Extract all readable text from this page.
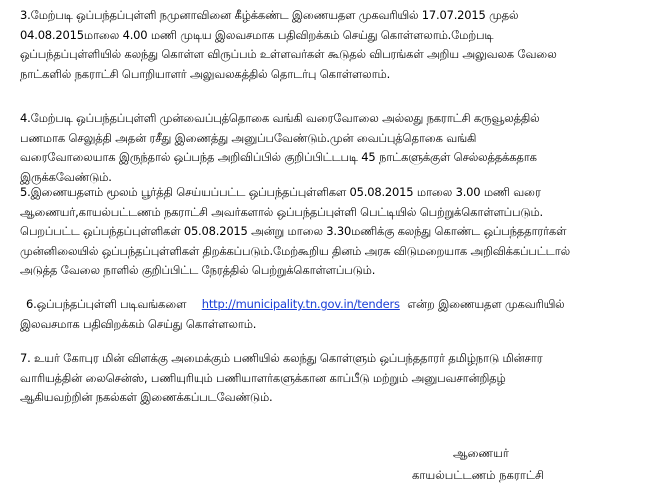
3.மேற்படி ஒப்பந்தப்புள்ளி நமுனாவினை கீழ்க்கண்ட இணையதள முகவரியில் 17.07.2015 முதல்
04.08.2015மாலை 4.00 மணி முடிய இலவசமாக பதிவிறக்கம் செய்து கொள்ளலாம்.மேற்படி
ஒப்பந்தப்புள்ளியில் கலந்து கொள்ள விருப்பம் உள்ளவர்கள் கூடுதல் விபரங்கள் அறிய அலுவலக வேலை
நாட்களில் நகராட்சி பொறியாளர் அலுவலகத்தில் தொடர்பு கொள்ளலாம்.
4.மேற்படி ஒப்பந்தப்புள்ளி முன்வைப்புத்தொகை வங்கி வரைவோலை அல்லது நகராட்சி கருவூலத்தில்
பணமாக செலுத்தி அதன் ரசீது இணைத்து அனுப்பவேண்டும்.முன் வைப்புத்தொகை வங்கி
வரைவோலையாக இருந்தால் ஒப்பந்த அறிவிப்பில் குறிப்பிட்டபடி 45 நாட்களுக்குள் செல்லத்தக்கதாக
இருக்கவேண்டும்.
5.இணையதளம் மூலம் பூர்த்தி செய்யப்பட்ட ஒப்பந்தப்புள்ளிகள 05.08.2015 மாலை 3.00 மணி வரை
ஆணையர்,காயல்பட்டணம் நகராட்சி அவர்களால் ஒப்பந்தப்புள்ளி பெட்டியில் பெற்றுக்கொள்ளப்படும்.
பெறப்பட்ட ஒப்பந்தப்புள்ளிகள் 05.08.2015 அன்று மாலை 3.30மணிக்கு கலந்து கொண்ட ஒப்பந்ததாரர்கள்
முன்னிலையில் ஒப்பந்தப்புள்ளிகள் திறக்கப்படும்.மேற்கூறிய தினம் அரசு விடுமறையாக அறிவிக்கப்பட்டால்
அடுத்த வேலை நாளில் குறிப்பிட்ட நேரத்தில் பெற்றுக்கொள்ளப்படும்.
6.ஒப்பந்தப்புள்ளி படிவங்களை http://municipality.tn.gov.in/tenders என்ற இணையதள முகவரியில்
இலவசமாக பதிவிறக்கம் செய்து கொள்ளலாம்.
7. உயர் கோபுர மின் விளக்கு அமைக்கும் பணியில் கலந்து கொள்ளும் ஒப்பந்ததாரர் தமிழ்நாடு மின்சார
வாரியத்தின் லைசென்ஸ், பணியுரியும் பணியாளர்களுக்கான காப்பீடு மற்றும் அனுபவசான்றிதழ்
ஆகியவற்றின் நகல்கள் இணைக்கப்படவேண்டும்.
ஆணையர்
காயல்பட்டணம் நகராட்சி
